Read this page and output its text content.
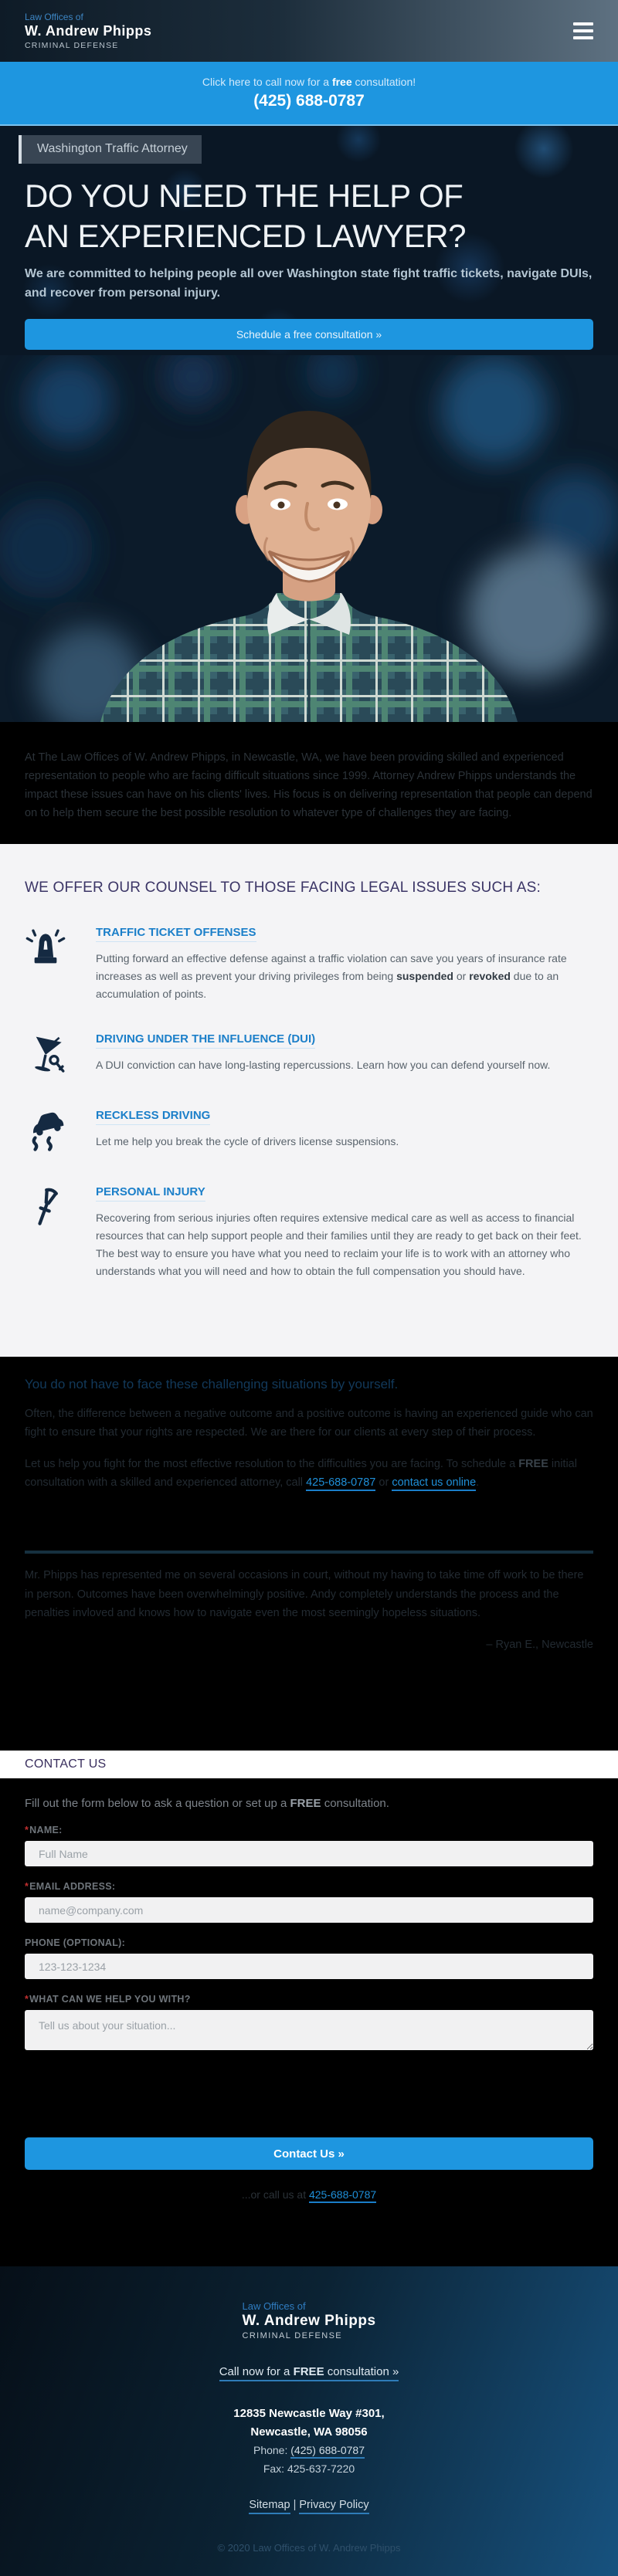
Law Offices of
W. Andrew Phipps
CRIMINAL DEFENSE
Click here to call now for a free consultation!
(425) 688-0787
Washington Traffic Attorney
DO YOU NEED THE HELP OF
AN EXPERIENCED LAWYER?

We are committed to helping people all over Washington state fight traffic tickets, navigate DUIs, and recover from personal injury.

Schedule a free consultation »

At The Law Offices of W. Andrew Phipps, in Newcastle, WA, we have been providing skilled and experienced representation to people who are facing difficult situations since 1999. Attorney Andrew Phipps understands the impact these issues can have on his clients' lives. His focus is on delivering representation that people can depend on to help them secure the best possible resolution to whatever type of challenges they are facing.

WE OFFER OUR COUNSEL TO THOSE FACING LEGAL ISSUES SUCH AS:
TRAFFIC TICKET OFFENSES

Putting forward an effective defense against a traffic violation can save you years of insurance rate increases as well as prevent your driving privileges from being suspended or revoked due to an accumulation of points.

DRIVING UNDER THE INFLUENCE (DUI)

A DUI conviction can have long-lasting repercussions. Learn how you can defend yourself now.

RECKLESS DRIVING

Let me help you break the cycle of drivers license suspensions.

PERSONAL INJURY

Recovering from serious injuries often requires extensive medical care as well as access to financial resources that can help support people and their families until they are ready to get back on their feet. The best way to ensure you have what you need to reclaim your life is to work with an attorney who understands what you will need and how to obtain the full compensation you should have.

You do not have to face these challenging situations by yourself.

Often, the difference between a negative outcome and a positive outcome is having an experienced guide who can fight to ensure that your rights are respected. We are there for our clients at every step of their process.

Let us help you fight for the most effective resolution to the difficulties you are facing. To schedule a FREE initial consultation with a skilled and experienced attorney, call 425-688-0787 or contact us online.

Mr. Phipps has represented me on several occasions in court, without my having to take time off work to be there in person. Outcomes have been overwhelmingly positive. Andy completely understands the process and the penalties invloved and knows how to navigate even the most seemingly hopeless situations.

– Ryan E., Newcastle

CONTACT US

Fill out the form below to ask a question or set up a FREE consultation.

*NAME:
Full Name
*EMAIL ADDRESS:
name@company.com
PHONE (OPTIONAL):
123-123-1234
*WHAT CAN WE HELP YOU WITH?
Tell us about your situation...
Contact Us »

...or call us at 425-688-0787

Law Offices of
W. Andrew Phipps
CRIMINAL DEFENSE
Call now for a FREE consultation »
12835 Newcastle Way #301,
Newcastle, WA 98056
Phone: (425) 688-0787
Fax: 425-637-7220
Sitemap | Privacy Policy
© 2020 Law Offices of W. Andrew Phipps
